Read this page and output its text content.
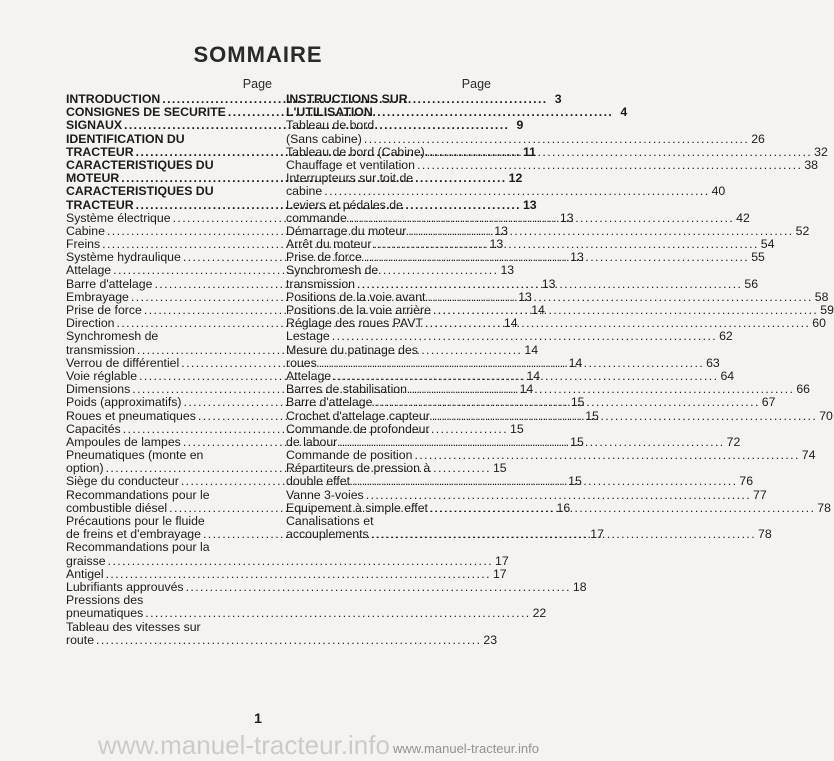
SOMMAIRE
Page
INTRODUCTION .....	3
CONSIGNES DE SECURITE .....	4
SIGNAUX .....	9
IDENTIFICATION DU
TRACTEUR .....	11
CARACTERISTIQUES DU
MOTEUR .....	12
CARACTERISTIQUES DU
TRACTEUR .....	13
Système électrique .....	13
Cabine .....	13
Freins .....	13
Système hydraulique .....	13
Attelage .....	13
Barre d'attelage .....	13
Embrayage .....	13
Prise de force .....	14
Direction .....	14
Synchromesh de
transmission .....	14
Verrou de différentiel .....	14
Voie réglable .....	14
Dimensions .....	14
Poids (approximatifs) .....	15
Roues et pneumatiques .....	15
Capacités .....	15
Ampoules de lampes .....	15
Pneumatiques (monte en
option) .....	15
Siège du conducteur .....	15
Recommandations pour le
combustible diésel .....	16
Précautions pour le fluide
de freins et d'embrayage .....	17
Recommandations pour la
graisse .....	17
Antigel .....	17
Lubrifiants approuvés .....	18
Pressions des
pneumatiques .....	22
Tableau des vitesses sur
route .....	23
Page
INSTRUCTIONS SUR
L'UTILISATION
Tableau de bord
(Sans cabine) .....	26
Tableau de bord (Cabine) .....	32
Chauffage et ventilation .....	38
Interrupteurs sur toit de
cabine .....	40
Leviers et pédales de
commande .....	42
Démarrage du moteur .....	52
Arrêt du moteur .....	54
Prise de force .....	55
Synchromesh de
transmission .....	56
Positions de la voie avant .....	58
Positions de la voie arrière .....	59
Réglage des roues PAVT .....	60
Lestage .....	62
Mesure du patinage des
roues .....	63
Attelage .....	64
Barres de stabilisation .....	66
Barre d'attelage .....	67
Crochet d'attelage capteur .....	70
Commande de profondeur
de labour .....	72
Commande de position .....	74
Répartiteurs de pression à
double effet .....	76
Vanne 3-voies .....	77
Equipement à simple effet .....	78
Canalisations et
accouplements .....	78
1
www.manuel-tracteur.info www.manuel-tracteur.info
